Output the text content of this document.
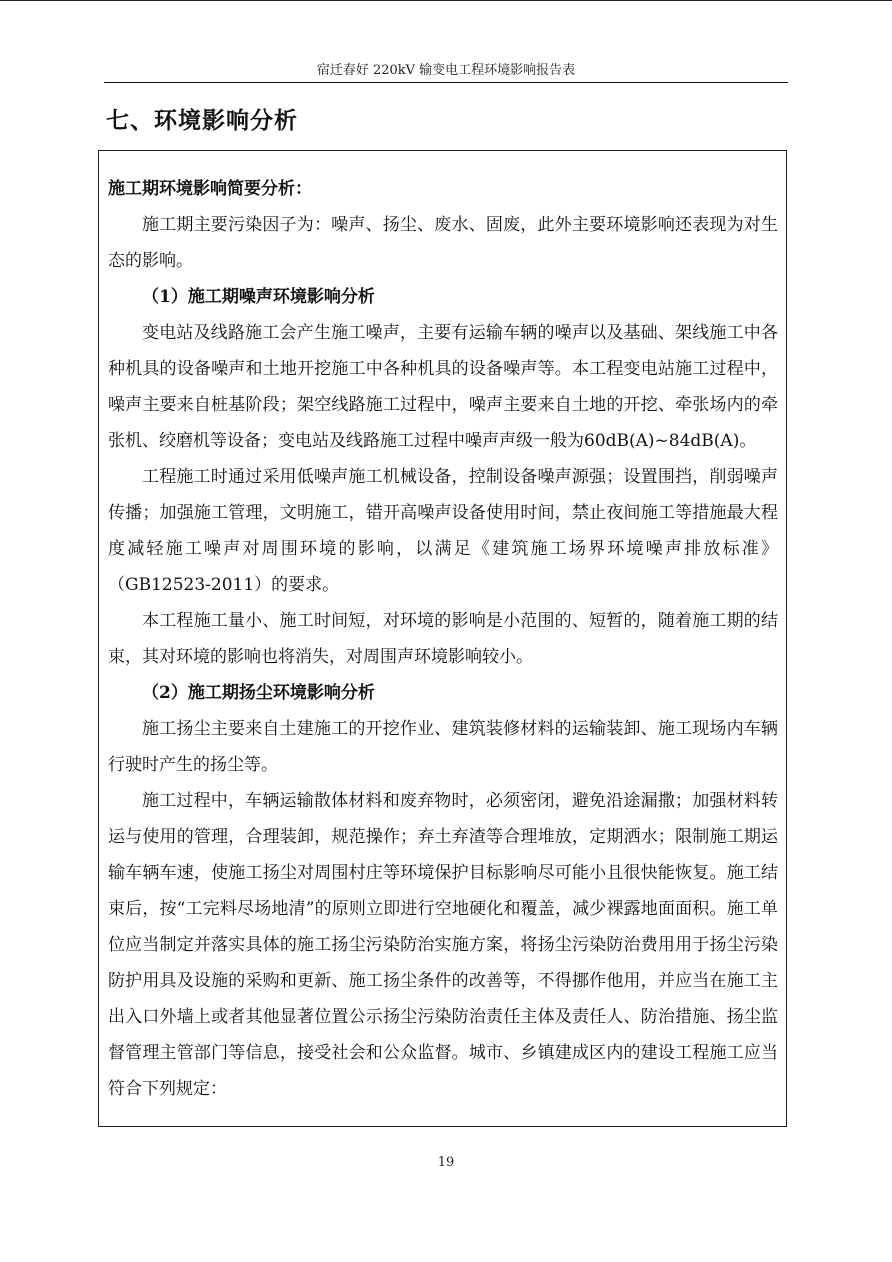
宿迁春好 220kV 输变电工程环境影响报告表
七、环境影响分析

施工期环境影响简要分析：

施工期主要污染因子为：噪声、扬尘、废水、固废，此外主要环境影响还表现为对生态的影响。

（1）施工期噪声环境影响分析

变电站及线路施工会产生施工噪声，主要有运输车辆的噪声以及基础、架线施工中各种机具的设备噪声和土地开挖施工中各种机具的设备噪声等。本工程变电站施工过程中，噪声主要来自桩基阶段；架空线路施工过程中，噪声主要来自土地的开挖、牵张场内的牵张机、绞磨机等设备；变电站及线路施工过程中噪声声级一般为60dB(A)~84dB(A)。

工程施工时通过采用低噪声施工机械设备，控制设备噪声源强；设置围挡，削弱噪声传播；加强施工管理，文明施工，错开高噪声设备使用时间，禁止夜间施工等措施最大程度减轻施工噪声对周围环境的影响，以满足《建筑施工场界环境噪声排放标准》（GB12523-2011）的要求。

本工程施工量小、施工时间短，对环境的影响是小范围的、短暂的，随着施工期的结束，其对环境的影响也将消失，对周围声环境影响较小。

（2）施工期扬尘环境影响分析

施工扬尘主要来自土建施工的开挖作业、建筑装修材料的运输装卸、施工现场内车辆行驶时产生的扬尘等。

施工过程中，车辆运输散体材料和废弃物时，必须密闭，避免沿途漏撒；加强材料转运与使用的管理，合理装卸，规范操作；弃土弃渣等合理堆放，定期洒水；限制施工期运输车辆车速，使施工扬尘对周围村庄等环境保护目标影响尽可能小且很快能恢复。施工结束后，按“工完料尽场地清”的原则立即进行空地硬化和覆盖，减少裸露地面面积。施工单位应当制定并落实具体的施工扬尘污染防治实施方案，将扬尘污染防治费用用于扬尘污染防护用具及设施的采购和更新、施工扬尘条件的改善等，不得挪作他用，并应当在施工主出入口外墙上或者其他显著位置公示扬尘污染防治责任主体及责任人、防治措施、扬尘监督管理主管部门等信息，接受社会和公众监督。城市、乡镇建成区内的建设工程施工应当符合下列规定：

19
